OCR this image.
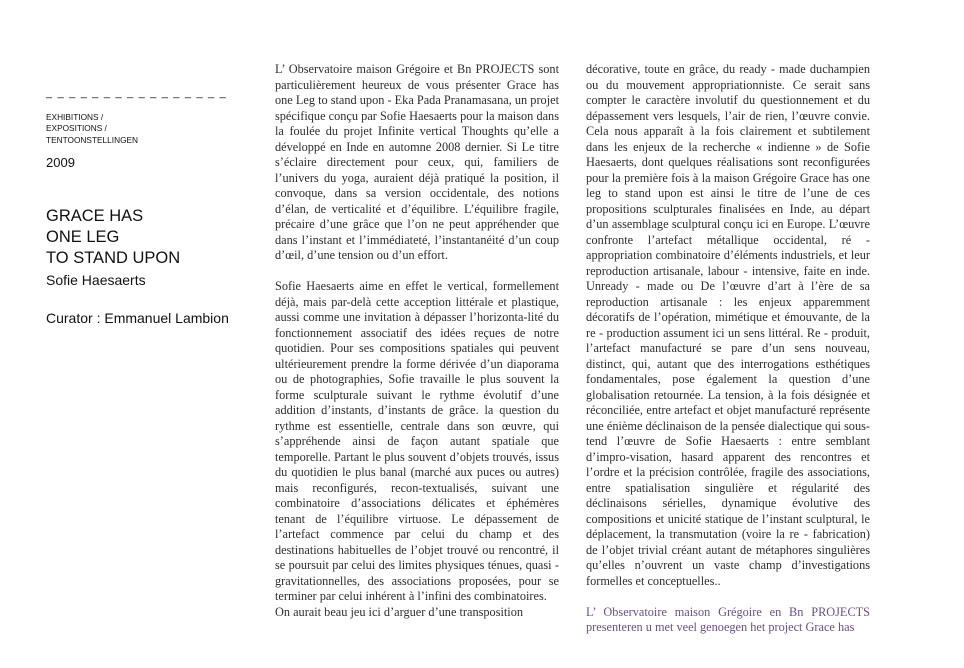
_ _ _ _ _ _ _ _ _ _ _ _ _ _ _ _
EXHIBITIONS /
EXPOSITIONS /
TENTOONSTELLINGEN
2009
GRACE HAS
ONE LEG
TO STAND UPON
Sofie Haesaerts
Curator : Emmanuel Lambion

L’ Observatoire maison Grégoire et Bn PROJECTS sont particulièrement heureux de vous présenter Grace has one Leg to stand upon - Eka Pada Pranamasana, un projet spécifique conçu par Sofie Haesaerts pour la maison dans la foulée du projet Infinite vertical Thoughts qu’elle a développé en Inde en automne 2008 dernier. Si Le titre s’éclaire directement pour ceux, qui, familiers de l’univers du yoga, auraient déjà pratiqué la position, il convoque, dans sa version occidentale, des notions d’élan, de verticalité et d’équilibre. L’équilibre fragile, précaire d’une grâce que l’on ne peut appréhender que dans l’instant et l’immédiateté, l’instantanéité d’un coup d’œil, d’une tension ou d’un effort.

Sofie Haesaerts aime en effet le vertical, formellement déjà, mais par-delà cette acception littérale et plastique, aussi comme une invitation à dépasser l’horizonta-lité du fonctionnement associatif des idées reçues de notre quotidien. Pour ses compositions spatiales qui peuvent ultérieurement prendre la forme dérivée d’un diaporama ou de photographies, Sofie travaille le plus souvent la forme sculpturale suivant le rythme évolutif d’une addition d’instants, d’instants de grâce. la question du rythme est essentielle, centrale dans son œuvre, qui s’appréhende ainsi de façon autant spatiale que temporelle. Partant le plus souvent d’objets trouvés, issus du quotidien le plus banal (marché aux puces ou autres) mais reconfigurés, recon-textualisés, suivant une combinatoire d’associations délicates et éphémères tenant de l’équilibre virtuose. Le dépassement de l’artefact commence par celui du champ et des destinations habituelles de l’objet trouvé ou rencontré, il se poursuit par celui des limites physiques ténues, quasi - gravitationnelles, des associations proposées, pour se terminer par celui inhérent à l’infini des combinatoires.

On aurait beau jeu ici d’arguer d’une transposition

décorative, toute en grâce, du ready - made duchampien ou du mouvement appropriationniste. Ce serait sans compter le caractère involutif du questionnement et du dépassement vers lesquels, l’air de rien, l’œuvre convie. Cela nous apparaît à la fois clairement et subtilement dans les enjeux de la recherche « indienne » de Sofie Haesaerts, dont quelques réalisations sont reconfigurées pour la première fois à la maison Grégoire Grace has one leg to stand upon est ainsi le titre de l’une de ces propositions sculpturales finalisées en Inde, au départ d’un assemblage sculptural conçu ici en Europe. L’œuvre confronte l’artefact métallique occidental, ré - appropriation combinatoire d’éléments industriels, et leur reproduction artisanale, labour - intensive, faite en inde. Unready - made ou De l’œuvre d’art à l’ère de sa reproduction artisanale : les enjeux apparemment décoratifs de l’opération, mimétique et émouvante, de la re - production assument ici un sens littéral. Re - produit, l’artefact manufacturé se pare d’un sens nouveau, distinct, qui, autant que des interrogations esthétiques fondamentales, pose également la question d’une globalisation retournée. La tension, à la fois désignée et réconciliée, entre artefact et objet manufacturé représente une énième déclinaison de la pensée dialectique qui sous-tend l’œuvre de Sofie Haesaerts : entre semblant d’impro-visation, hasard apparent des rencontres et l’ordre et la précision contrôlée, fragile des associations, entre spatialisation singulière et régularité des déclinaisons sérielles, dynamique évolutive des compositions et unicité statique de l’instant sculptural, le déplacement, la transmutation (voire la re - fabrication) de l’objet trivial créant autant de métaphores singulières qu’elles n’ouvrent un vaste champ d’investigations formelles et conceptuelles..

L’ Observatoire maison Grégoire en Bn PROJECTS presenteren u met veel genoegen het project Grace has
